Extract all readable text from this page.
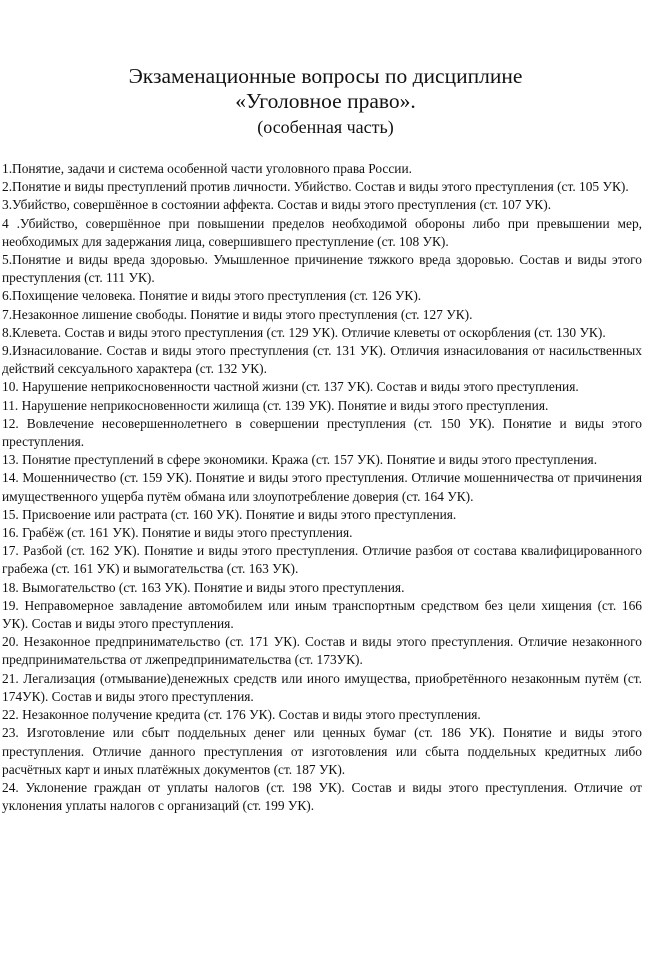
Экзаменационные вопросы по дисциплине

«Уголовное право».

(особенная часть)

1.Понятие, задачи и система особенной части уголовного права России.
2.Понятие и виды преступлений против личности. Убийство. Состав и виды этого преступления (ст. 105 УК).
3.Убийство, совершённое в состоянии аффекта. Состав и виды этого преступления (ст. 107 УК).
4 .Убийство, совершённое при повышении пределов необходимой обороны либо при превышении мер, необходимых для задержания лица, совершившего преступление (ст. 108 УК).
5.Понятие и виды вреда здоровью. Умышленное причинение тяжкого вреда здоровью. Состав и виды этого преступления (ст. 111 УК).
6.Похищение человека. Понятие и виды этого преступления (ст. 126 УК).
7.Незаконное лишение свободы. Понятие и виды этого преступления (ст. 127 УК).
8.Клевета. Состав и виды этого преступления (ст. 129 УК). Отличие клеветы от оскорбления (ст. 130 УК).
9.Изнасилование. Состав и виды этого преступления (ст. 131 УК). Отличия изнасилования от насильственных действий сексуального характера (ст. 132 УК).
10. Нарушение неприкосновенности частной жизни (ст. 137 УК). Состав и виды этого преступления.
11. Нарушение неприкосновенности жилища (ст. 139 УК). Понятие и виды этого преступления.
12. Вовлечение несовершеннолетнего в совершении преступления (ст. 150 УК). Понятие и виды этого преступления.
13. Понятие преступлений в сфере экономики. Кража (ст. 157 УК). Понятие и виды этого преступления.
14. Мошенничество (ст. 159 УК). Понятие и виды этого преступления. Отличие мошенничества от причинения имущественного ущерба путём обмана или злоупотребление доверия (ст. 164 УК).
15. Присвоение или растрата (ст. 160 УК). Понятие и виды этого преступления.
16. Грабёж (ст. 161 УК). Понятие и виды этого преступления.
17. Разбой (ст. 162 УК). Понятие и виды этого преступления. Отличие разбоя от состава квалифицированного грабежа (ст. 161 УК) и вымогательства (ст. 163 УК).
18. Вымогательство (ст. 163 УК). Понятие и виды этого преступления.
19. Неправомерное завладение автомобилем или иным транспортным средством без цели хищения (ст. 166 УК). Состав и виды этого преступления.
20. Незаконное предпринимательство (ст. 171 УК). Состав и виды этого преступления. Отличие незаконного предпринимательства от лжепредпринимательства (ст. 173УК).
21. Легализация (отмывание)денежных средств или иного имущества, приобретённого незаконным путём (ст. 174УК). Состав и виды этого преступления.
22. Незаконное получение кредита (ст. 176 УК). Состав и виды этого преступления.
23. Изготовление или сбыт поддельных денег или ценных бумаг (ст. 186 УК). Понятие и виды этого преступления. Отличие данного преступления от изготовления или сбыта поддельных кредитных либо расчётных карт и иных платёжных документов (ст. 187 УК).
24. Уклонение граждан от уплаты налогов (ст. 198 УК). Состав и виды этого преступления. Отличие от уклонения уплаты налогов с организаций (ст. 199 УК).
